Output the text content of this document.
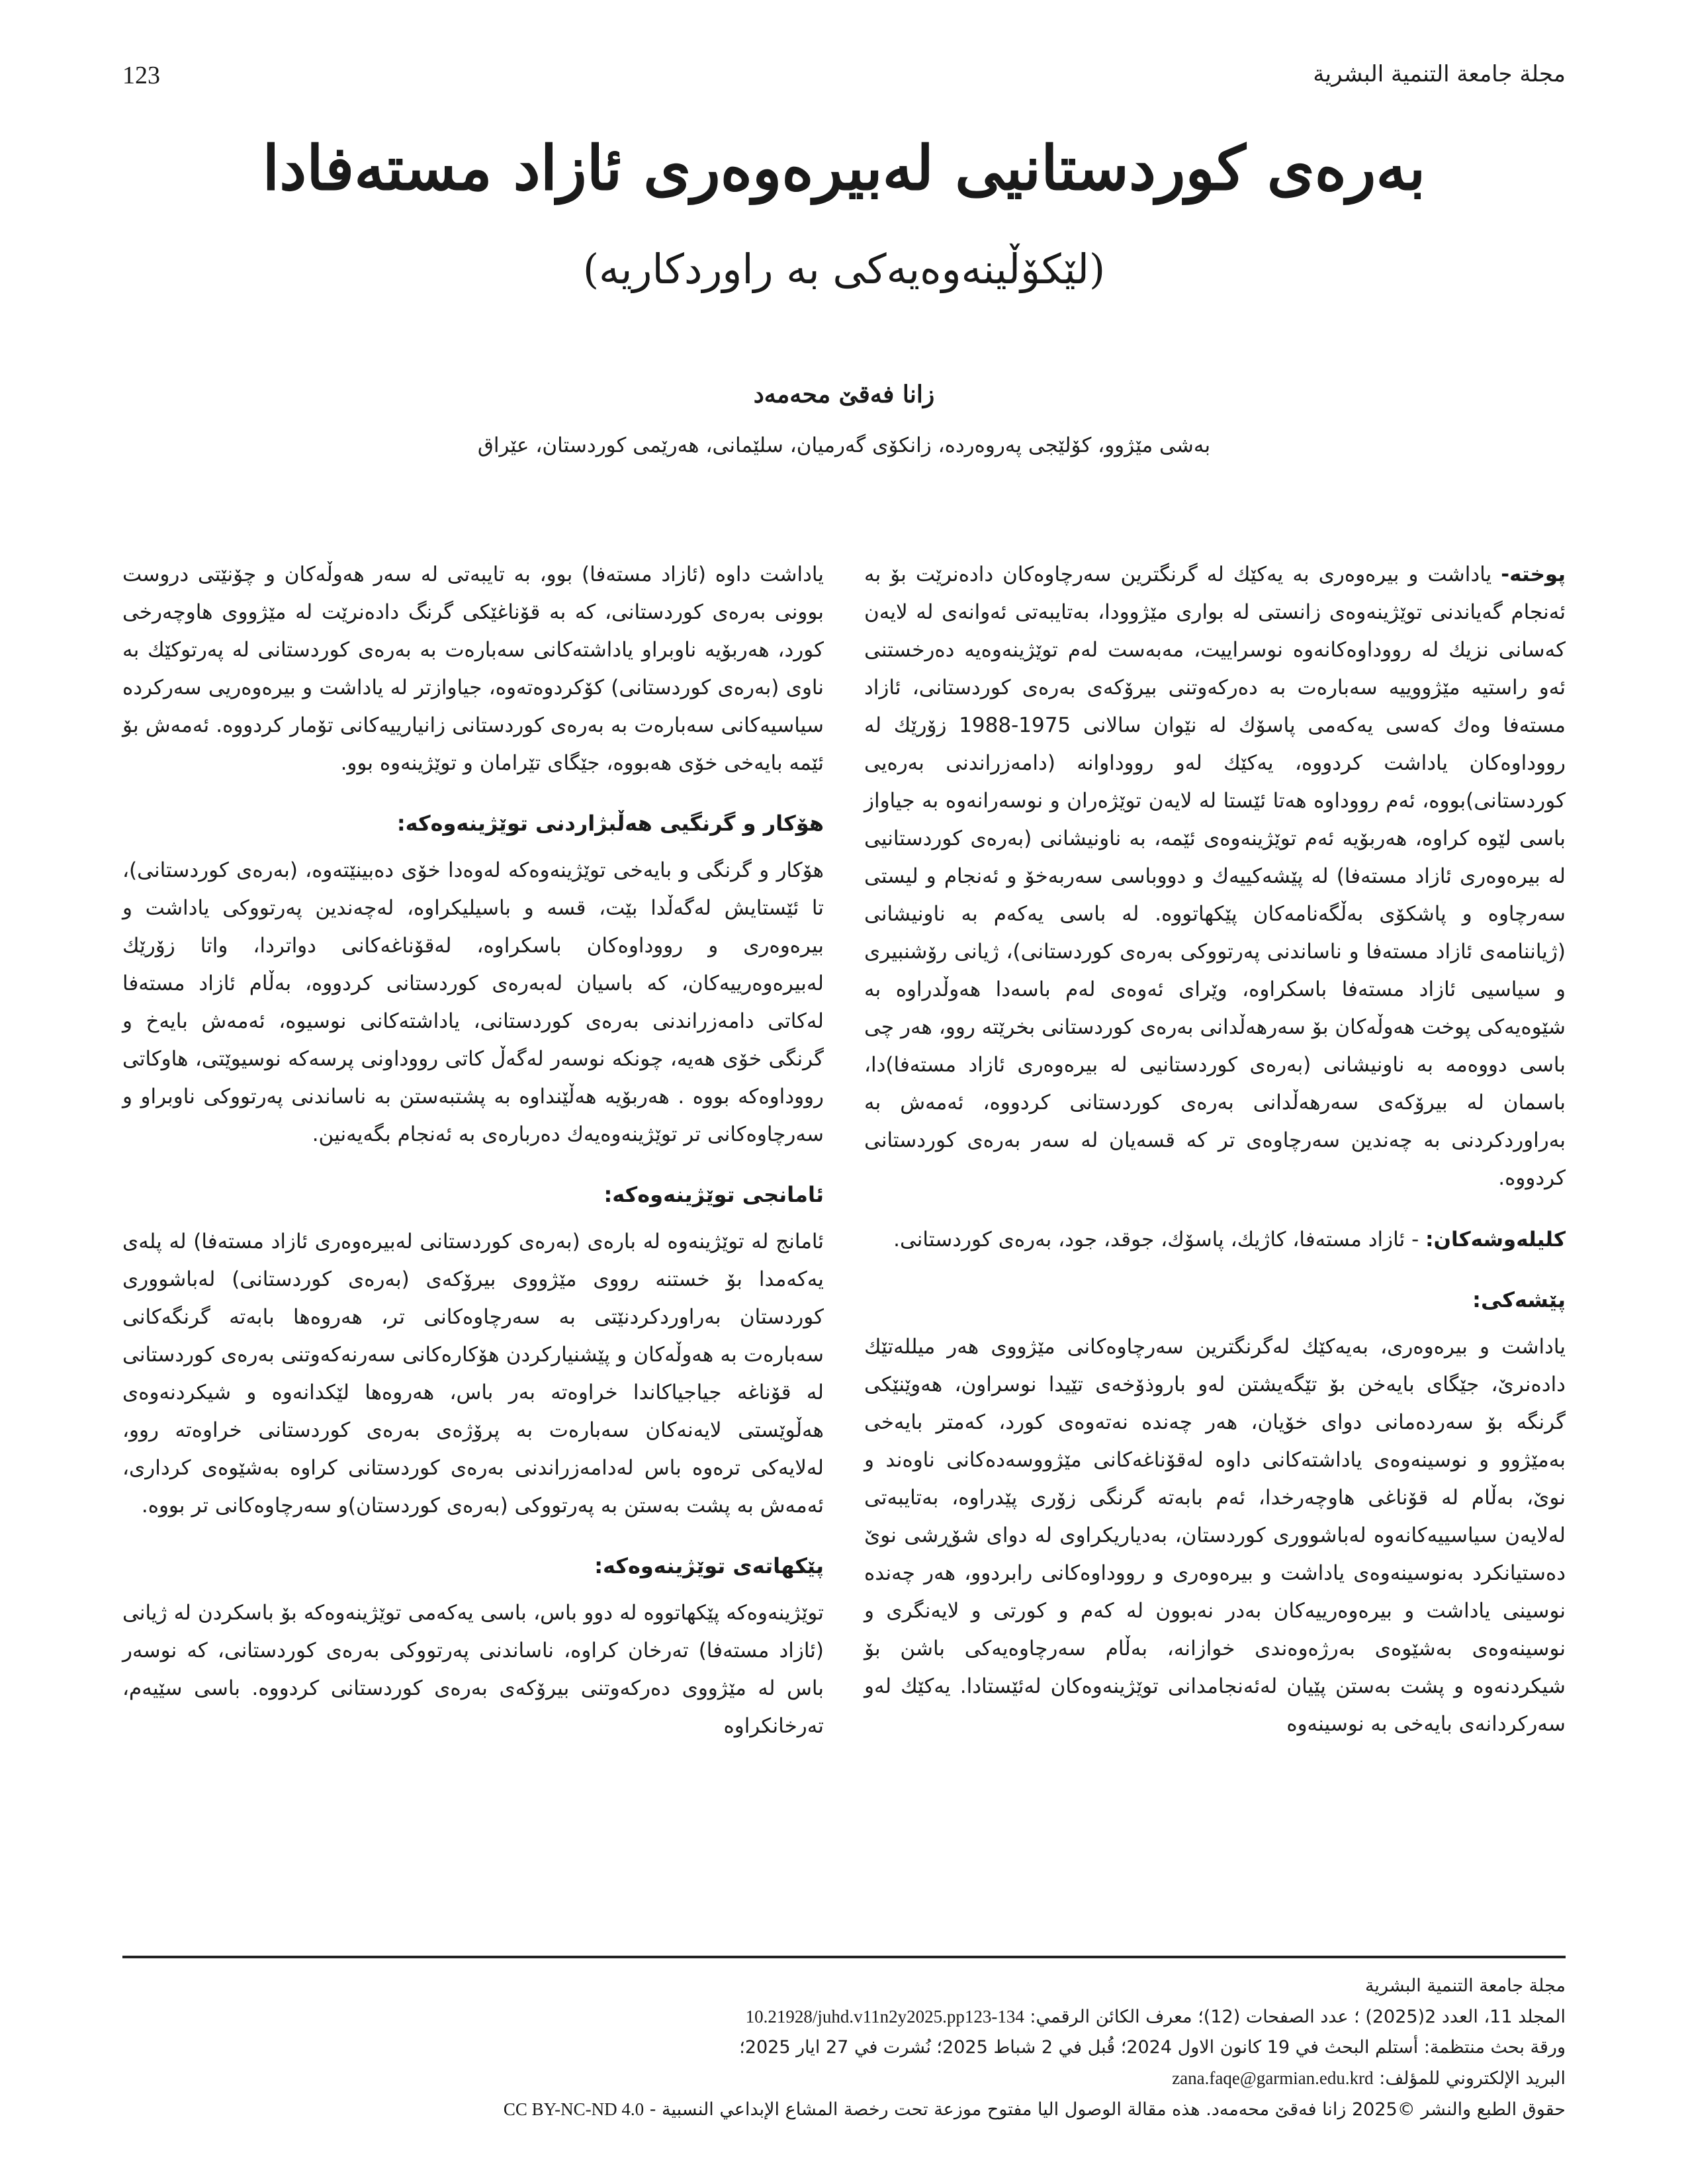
123	مجلة جامعة التنمية البشرية
بەرەی کوردستانیی لەبیرەوەری ئازاد مستەفادا
(لێکۆڵینەوەیەکی بە راوردکاریە)
زانا فەقێ محەمەد
بەشی مێژوو، کۆلێجی پەروەردە، زانکۆی گەرمیان، سلێمانی، هەرێمی کوردستان، عێراق

پوختە- یاداشت و بیرەوەری بە یەکێك لە گرنگترین سەرچاوەکان دادەنرێت بۆ بە ئەنجام گەیاندنی توێژینەوەی زانستی لە بواری مێژوودا، بەتایبەتی ئەوانەی لە لایەن کەسانی نزیك لە رووداوەکانەوە نوسراییت، مەبەست لەم توێژینەوەیە دەرخستنی ئەو راستیە مێژووییە سەبارەت بە دەرکەوتنی بیرۆکەی بەرەی کوردستانی، ئازاد مستەفا وەك کەسی یەکەمی پاسۆك لە نێوان سالانی 1975-1988 زۆرێك لە رووداوەکان یاداشت کردووە، یەکێك لەو رووداوانە (دامەزراندنی بەرەیی کوردستانی)بووە، ئەم رووداوە هەتا ئێستا لە لایەن توێژەران و نوسەرانەوە بە جیاواز باسی لێوە کراوە، هەربۆیە ئەم توێژینەوەی ئێمە، بە ناونیشانی (بەرەی کوردستانیی لە بیرەوەری ئازاد مستەفا) لە پێشەکییەك و دووباسی سەربەخۆ و ئەنجام و لیستی سەرچاوە و پاشکۆی بەڵگەنامەکان پێکهاتووە. لە باسی یەکەم بە ناونیشانی (ژیاننامەی ئازاد مستەفا و ناساندنی پەرتووکی بەرەی کوردستانی)، ژیانی رۆشنبیری و سیاسیی ئازاد مستەفا باسکراوە، وێرای ئەوەی لەم باسەدا هەوڵدراوە بە شێوەیەکی پوخت هەوڵەکان بۆ سەرهەڵدانی بەرەی کوردستانی بخرێتە روو، هەر چی باسی دووەمە بە ناونیشانی (بەرەی کوردستانیی لە بیرەوەری ئازاد مستەفا)دا، باسمان لە بیرۆکەی سەرهەڵدانی بەرەی کوردستانی کردووە، ئەمەش بە بەراوردکردنی بە چەندین سەرچاوەی تر کە قسەیان لە سەر بەرەی کوردستانی کردووە.

کلیلەوشەکان: - ئازاد مستەفا، کاژیك، پاسۆك، جوقد، جود، بەرەی کوردستانی.

پێشەکی:

یاداشت و بیرەوەری، بەیەکێك لەگرنگترین سەرچاوەکانی مێژووی هەر میللەتێك دادەنرێ، جێگای بایەخن بۆ تێگەیشتن لەو باروذۆخەی تێیدا نوسراون، هەوێنێکی گرنگە بۆ سەردەمانی دوای خۆیان، هەر چەندە نەتەوەی کورد، کەمتر بایەخی بەمێژوو و نوسینەوەی یاداشتەکانی داوە لەقۆناغەکانی مێژووسەدەکانی ناوەند و نوێ، بەڵام لە قۆناغی هاوچەرخدا، ئەم بابەتە گرنگی زۆری پێدراوە، بەتایبەتی لەلایەن سیاسییەکانەوە لەباشووری کوردستان، بەدیاریکراوی لە دوای شۆڕشی نوێ دەستیانکرد بەنوسینەوەی یاداشت و بیرەوەری و رووداوەکانی رابردوو، هەر چەندە نوسینی یاداشت و بیرەوەرییەکان بەدر نەبوون لە کەم و کورتی و لایەنگری و نوسینەوەی بەشێوەی بەرژەوەندی خوازانە، بەڵام سەرچاوەیەکی باشن بۆ شیکردنەوە و پشت بەستن پێیان لەئەنجامدانی توێژینەوەکان لەئێستادا. یەکێك لەو سەرکردانەی بایەخی بە نوسینەوە

یاداشت داوە (ئازاد مستەفا) بوو، بە تایبەتی لە سەر هەوڵەکان و چۆنێتی دروست بوونی بەرەی کوردستانی، کە بە قۆناغێکی گرنگ دادەنرێت لە مێژووی هاوچەرخی کورد، هەربۆیە ناوبراو یاداشتەکانی سەبارەت بە بەرەی کوردستانی لە پەرتوکێك بە ناوی (بەرەی کوردستانی) کۆکردوەتەوە، جیاوازتر لە یاداشت و بیرەوەریی سەرکردە سیاسیەکانی سەبارەت بە بەرەی کوردستانی زانیارییەکانی تۆمار کردووە. ئەمەش بۆ ئێمە بایەخی خۆی هەبووە، جێگای تێرامان و توێژینەوە بوو.

هۆکار و گرنگیی هەڵبژاردنی توێژینەوەکە:

هۆکار و گرنگی و بایەخی توێژینەوەکە لەوەدا خۆی دەبینێتەوە، (بەرەی کوردستانی)، تا ئێستایش لەگەڵدا بێت، قسە و باسیلیکراوە، لەچەندین پەرتووکی یاداشت و بیرەوەری و رووداوەکان باسکراوە، لەقۆناغەکانی دواتردا، واتا زۆرێك لەبیرەوەرییەکان، کە باسیان لەبەرەی کوردستانی کردووە، بەڵام ئازاد مستەفا لەکاتی دامەزراندنی بەرەی کوردستانی، یاداشتەکانی نوسیوە، ئەمەش بایەخ و گرنگی خۆی هەیە، چونکە نوسەر لەگەڵ کاتی رووداونی پرسەکە نوسیوێتی، هاوکاتی رووداوەکە بووە . هەربۆیە هەڵێنداوە بە پشتبەستن بە ناساندنی پەرتووکی ناوبراو و سەرچاوەکانی تر توێژینەوەیەك دەربارەی بە ئەنجام بگەیەنین.

ئامانجی توێژینەوەکە:

ئامانج لە توێژینەوە لە بارەی (بەرەی کوردستانی لەبیرەوەری ئازاد مستەفا) لە پلەی یەکەمدا بۆ خستنە رووی مێژووی بیرۆکەی (بەرەی کوردستانی) لەباشووری کوردستان بەراوردکردنێتی بە سەرچاوەکانی تر، هەروەها بابەتە گرنگەکانی سەبارەت بە هەوڵەکان و پێشنیارکردن هۆکارەکانی سەرنەکەوتنی بەرەی کوردستانی لە قۆناغە جیاجیاکاندا خراوەتە بەر باس، هەروەها لێکدانەوە و شیکردنەوەی هەڵوێستی لایەنەکان سەبارەت بە پرۆژەی بەرەی کوردستانی خراوەتە روو، لەلایەکی ترەوە باس لەدامەزراندنی بەرەی کوردستانی کراوە بەشێوەی کرداری، ئەمەش بە پشت بەستن بە پەرتووکی (بەرەی کوردستان)و سەرچاوەکانی تر بووە.

پێکهاتەی توێژینەوەکە:

توێژینەوەکە پێکهاتووە لە دوو باس، باسی یەکەمی توێژینەوەکە بۆ باسکردن لە ژیانی (ئازاد مستەفا) تەرخان کراوە، ناساندنی پەرتووکی بەرەی کوردستانی، کە نوسەر باس لە مێژووی دەرکەوتنی بیرۆکەی بەرەی کوردستانی کردووە. باسی سێیەم، تەرخانکراوە

مجلة جامعة التنمية البشرية
المجلد 11، العدد 2(2025) ؛ عدد الصفحات (12)؛ معرف الكائن الرقمي: 10.21928/juhd.v11n2y2025.pp123-134
ورقة بحث منتظمة: أستلم البحث في 19 كانون الاول 2024؛ قُبل في 2 شباط 2025؛ نُشرت في 27 ايار 2025؛
البريد الإلكتروني للمؤلف: zana.faqe@garmian.edu.krd
حقوق الطبع والنشر ©2025 زانا فەقێ محەمەد. هذه مقالة الوصول اليا مفتوح موزعة تحت رخصة المشاع الإبداعي النسبية - CC BY-NC-ND 4.0
